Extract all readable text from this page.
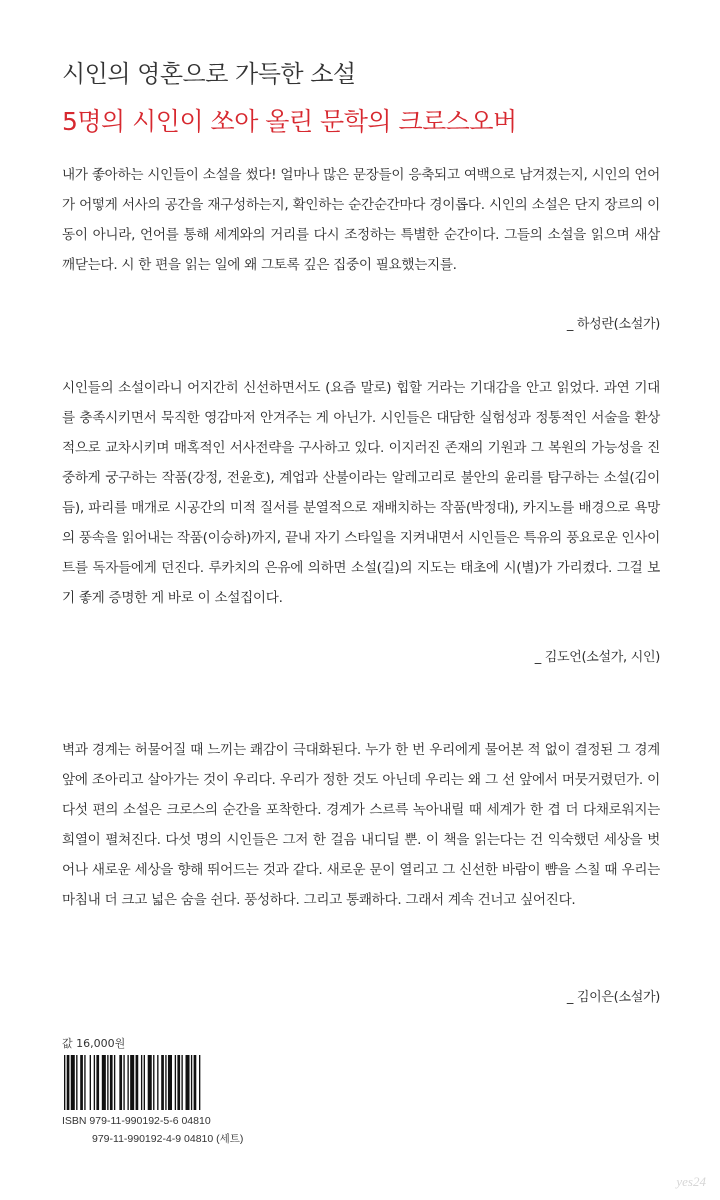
시인의 영혼으로 가득한 소설
5명의 시인이 쏘아 올린 문학의 크로스오버

내가 좋아하는 시인들이 소설을 썼다! 얼마나 많은 문장들이 응축되고 여백으로 남겨졌는지, 시인의 언어가 어떻게 서사의 공간을 재구성하는지, 확인하는 순간순간마다 경이롭다. 시인의 소설은 단지 장르의 이동이 아니라, 언어를 통해 세계와의 거리를 다시 조정하는 특별한 순간이다. 그들의 소설을 읽으며 새삼 깨닫는다. 시 한 편을 읽는 일에 왜 그토록 깊은 집중이 필요했는지를.

_ 하성란(소설가)

시인들의 소설이라니 어지간히 신선하면서도 (요즘 말로) 힙할 거라는 기대감을 안고 읽었다. 과연 기대를 충족시키면서 묵직한 영감마저 안겨주는 게 아닌가. 시인들은 대담한 실험성과 정통적인 서술을 환상적으로 교차시키며 매혹적인 서사전략을 구사하고 있다. 이지러진 존재의 기원과 그 복원의 가능성을 진중하게 궁구하는 작품(강정, 전윤호), 계업과 산불이라는 알레고리로 불안의 윤리를 탐구하는 소설(김이듬), 파리를 매개로 시공간의 미적 질서를 분열적으로 재배치하는 작품(박정대), 카지노를 배경으로 욕망의 풍속을 읽어내는 작품(이승하)까지, 끝내 자기 스타일을 지켜내면서 시인들은 특유의 풍요로운 인사이트를 독자들에게 던진다. 루카치의 은유에 의하면 소설(길)의 지도는 태초에 시(별)가 가리켰다. 그걸 보기 좋게 증명한 게 바로 이 소설집이다.

_ 김도언(소설가, 시인)

벽과 경계는 허물어질 때 느끼는 쾌감이 극대화된다. 누가 한 번 우리에게 물어본 적 없이 결정된 그 경계 앞에 조아리고 살아가는 것이 우리다. 우리가 정한 것도 아닌데 우리는 왜 그 선 앞에서 머뭇거렸던가. 이 다섯 편의 소설은 크로스의 순간을 포착한다. 경계가 스르륵 녹아내릴 때 세계가 한 겹 더 다채로워지는 희열이 펼쳐진다. 다섯 명의 시인들은 그저 한 걸음 내디딜 뿐. 이 책을 읽는다는 건 익숙했던 세상을 벗어나 새로운 세상을 향해 뛰어드는 것과 같다. 새로운 문이 열리고 그 신선한 바람이 뺨을 스칠 때 우리는 마침내 더 크고 넓은 숨을 쉰다. 풍성하다. 그리고 통쾌하다. 그래서 계속 건너고 싶어진다.

_ 김이은(소설가)
값 16,000원
ISBN 979-11-990192-5-6 04810
979-11-990192-4-9 04810 (세트)
yes24
